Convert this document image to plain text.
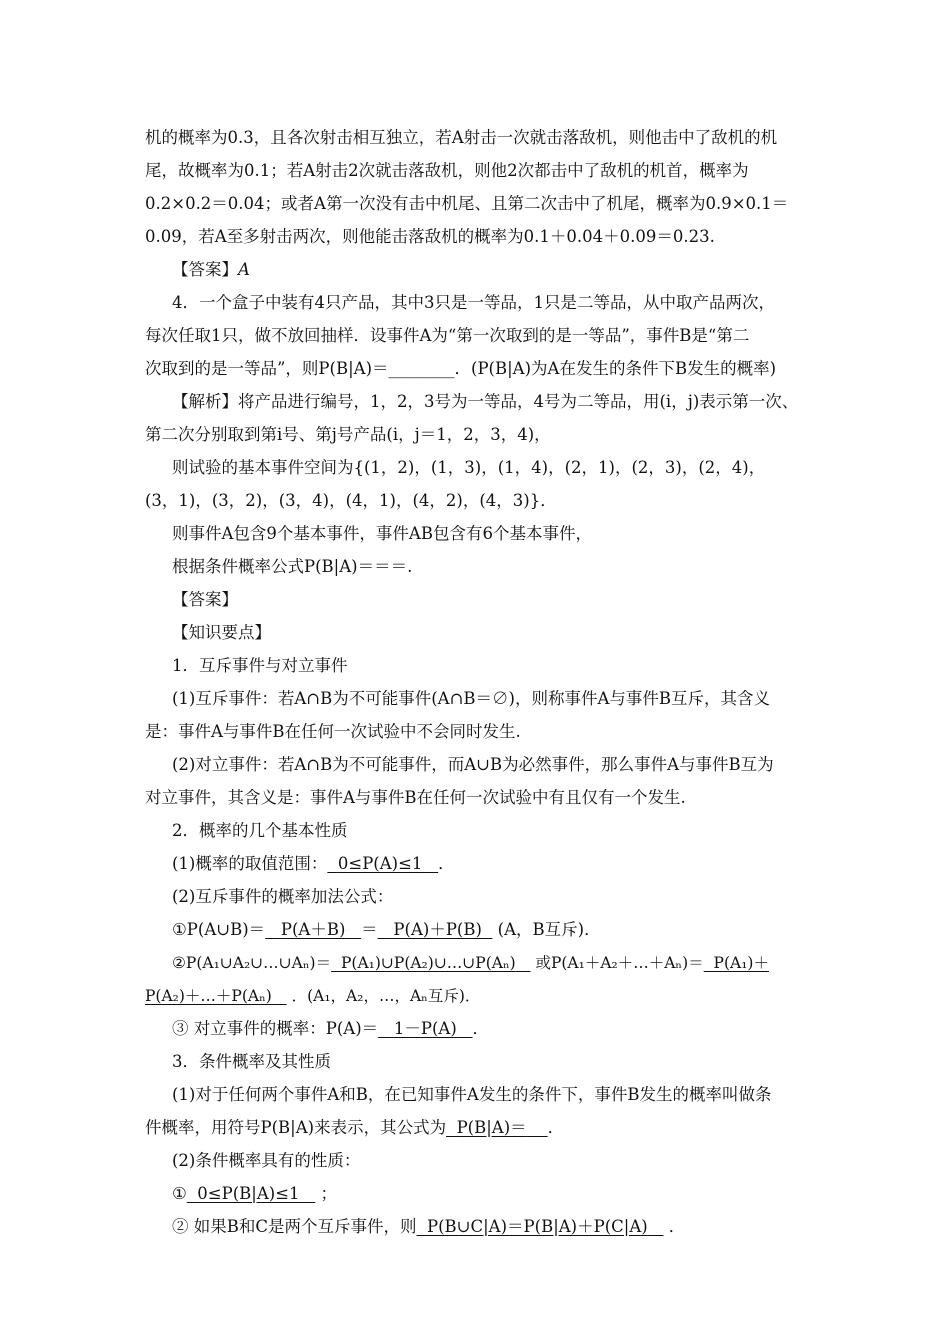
机的概率为0.3，且各次射击相互独立，若A射击一次就击落敌机，则他击中了敌机的机
尾，故概率为0.1；若A射击2次就击落敌机，则他2次都击中了敌机的机首，概率为
0.2×0.2＝0.04；或者A第一次没有击中机尾、且第二次击中了机尾，概率为0.9×0.1＝
0.09，若A至多射击两次，则他能击落敌机的概率为0.1＋0.04＋0.09＝0.23.
【答案】A
4．一个盒子中装有4只产品，其中3只是一等品，1只是二等品，从中取产品两次，
每次任取1只，做不放回抽样．设事件A为“第一次取到的是一等品”，事件B是“第二
次取到的是一等品”，则P(B|A)＝________．(P(B|A)为A在发生的条件下B发生的概率)
【解析】将产品进行编号，1，2，3号为一等品，4号为二等品，用(i，j)表示第一次、
第二次分别取到第i号、第j号产品(i，j＝1，2，3，4)，
则试验的基本事件空间为{(1，2)，(1，3)，(1，4)，(2，1)，(2，3)，(2，4)，
(3，1)，(3，2)，(3，4)，(4，1)，(4，2)，(4，3)}．
则事件A包含9个基本事件，事件AB包含有6个基本事件，
根据条件概率公式P(B|A)＝＝＝.
【答案】
【知识要点】
1．互斥事件与对立事件
(1)互斥事件：若A∩B为不可能事件(A∩B＝∅)，则称事件A与事件B互斥，其含义
是：事件A与事件B在任何一次试验中不会同时发生.
(2)对立事件：若A∩B为不可能事件，而A∪B为必然事件，那么事件A与事件B互为
对立事件，其含义是：事件A与事件B在任何一次试验中有且仅有一个发生.
2．概率的几个基本性质
(1)概率的取值范围： 0≤P(A)≤1 ．
(2)互斥事件的概率加法公式：
①P(A∪B)＝ P(A＋B) ＝ P(A)＋P(B) (A，B互斥)．
②P(A₁∪A₂∪…∪Aₙ)＝ P(A₁)∪P(A₂)∪…∪P(Aₙ) 或P(A₁＋A₂＋…＋Aₙ)＝ P(A₁)＋
P(A₂)＋…＋P(Aₙ) ．(A₁，A₂，…，Aₙ互斥)．
③ 对立事件的概率：P(A)＝ 1－P(A) ．
3．条件概率及其性质
(1)对于任何两个事件A和B，在已知事件A发生的条件下，事件B发生的概率叫做条
件概率，用符号P(B|A)来表示，其公式为 P(B|A)＝ ．
(2)条件概率具有的性质：
① 0≤P(B|A)≤1 ；
② 如果B和C是两个互斥事件，则 P(B∪C|A)＝P(B|A)＋P(C|A) ．
